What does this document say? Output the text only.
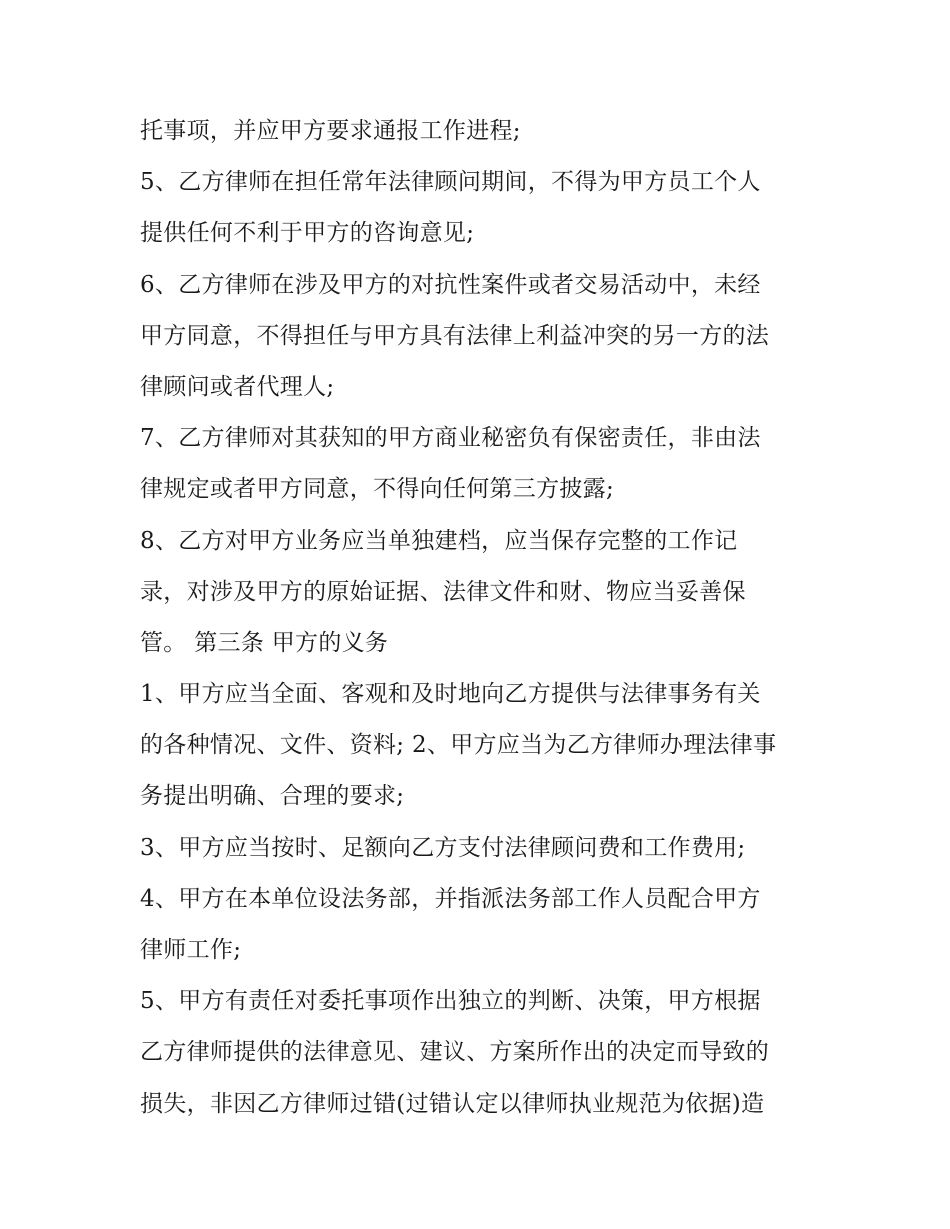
托事项，并应甲方要求通报工作进程;
5、乙方律师在担任常年法律顾问期间，不得为甲方员工个人
提供任何不利于甲方的咨询意见;
6、乙方律师在涉及甲方的对抗性案件或者交易活动中，未经
甲方同意，不得担任与甲方具有法律上利益冲突的另一方的法
律顾问或者代理人;
7、乙方律师对其获知的甲方商业秘密负有保密责任，非由法
律规定或者甲方同意，不得向任何第三方披露;
8、乙方对甲方业务应当单独建档，应当保存完整的工作记
录，对涉及甲方的原始证据、法律文件和财、物应当妥善保
管。 第三条 甲方的义务
1、甲方应当全面、客观和及时地向乙方提供与法律事务有关
的各种情况、文件、资料; 2、甲方应当为乙方律师办理法律事
务提出明确、合理的要求;
3、甲方应当按时、足额向乙方支付法律顾问费和工作费用;
4、甲方在本单位设法务部，并指派法务部工作人员配合甲方
律师工作;
5、甲方有责任对委托事项作出独立的判断、决策，甲方根据
乙方律师提供的法律意见、建议、方案所作出的决定而导致的
损失，非因乙方律师过错(过错认定以律师执业规范为依据)造
